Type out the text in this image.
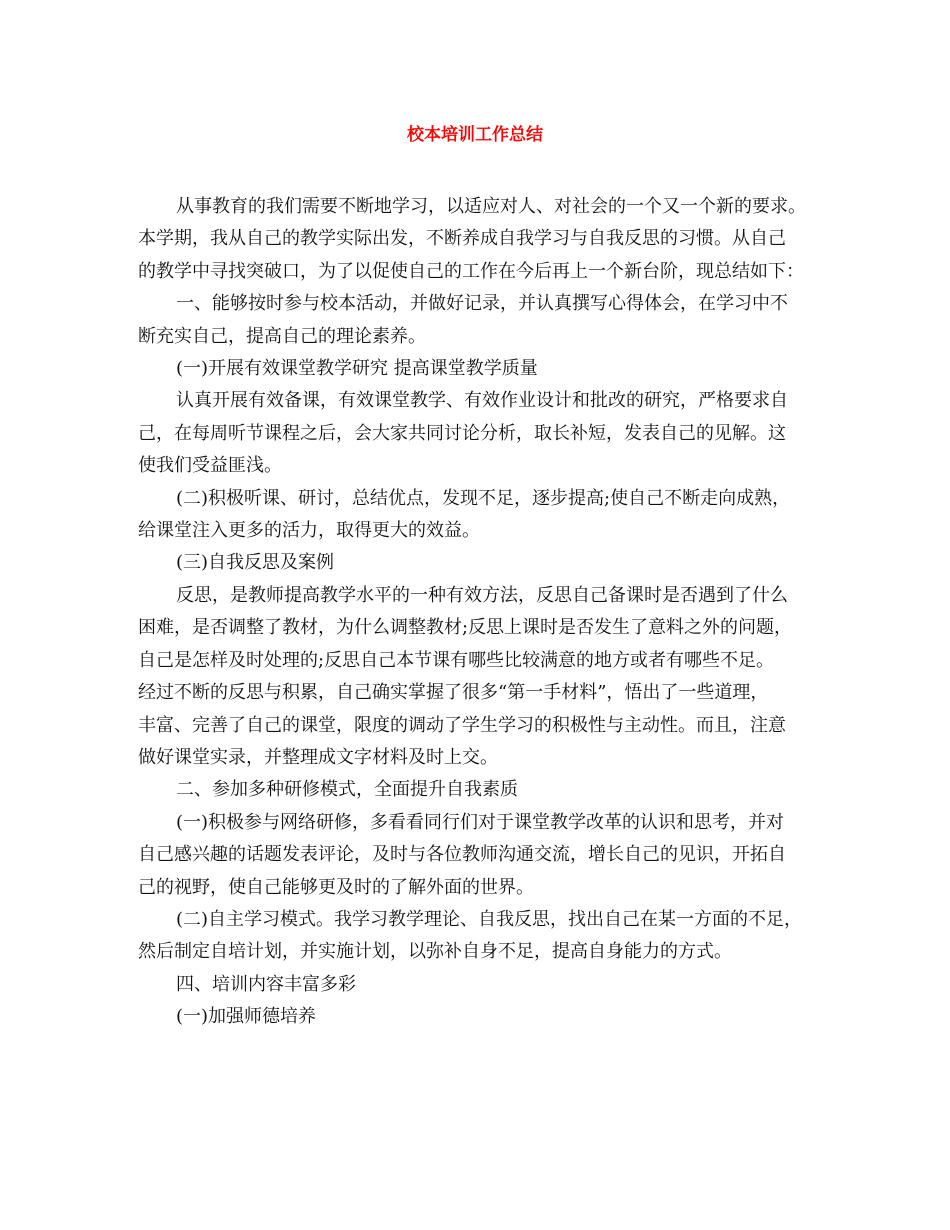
校本培训工作总结

从事教育的我们需要不断地学习，以适应对人、对社会的一个又一个新的要求。

本学期，我从自己的教学实际出发，不断养成自我学习与自我反思的习惯。从自己

的教学中寻找突破口，为了以促使自己的工作在今后再上一个新台阶，现总结如下：

一、能够按时参与校本活动，并做好记录，并认真撰写心得体会，在学习中不

断充实自己，提高自己的理论素养。

(一)开展有效课堂教学研究 提高课堂教学质量

认真开展有效备课，有效课堂教学、有效作业设计和批改的研究，严格要求自

己，在每周听节课程之后，会大家共同讨论分析，取长补短，发表自己的见解。这

使我们受益匪浅。

(二)积极听课、研讨，总结优点，发现不足，逐步提高;使自己不断走向成熟，

给课堂注入更多的活力，取得更大的效益。

(三)自我反思及案例

反思，是教师提高教学水平的一种有效方法，反思自己备课时是否遇到了什么

困难，是否调整了教材，为什么调整教材;反思上课时是否发生了意料之外的问题，

自己是怎样及时处理的;反思自己本节课有哪些比较满意的地方或者有哪些不足。

经过不断的反思与积累，自己确实掌握了很多“第一手材料”，悟出了一些道理，

丰富、完善了自己的课堂，限度的调动了学生学习的积极性与主动性。而且，注意

做好课堂实录，并整理成文字材料及时上交。

二、参加多种研修模式，全面提升自我素质

(一)积极参与网络研修，多看看同行们对于课堂教学改革的认识和思考，并对

自己感兴趣的话题发表评论，及时与各位教师沟通交流，增长自己的见识，开拓自

己的视野，使自己能够更及时的了解外面的世界。

(二)自主学习模式。我学习教学理论、自我反思，找出自己在某一方面的不足，

然后制定自培计划，并实施计划，以弥补自身不足，提高自身能力的方式。

四、培训内容丰富多彩

(一)加强师德培养
